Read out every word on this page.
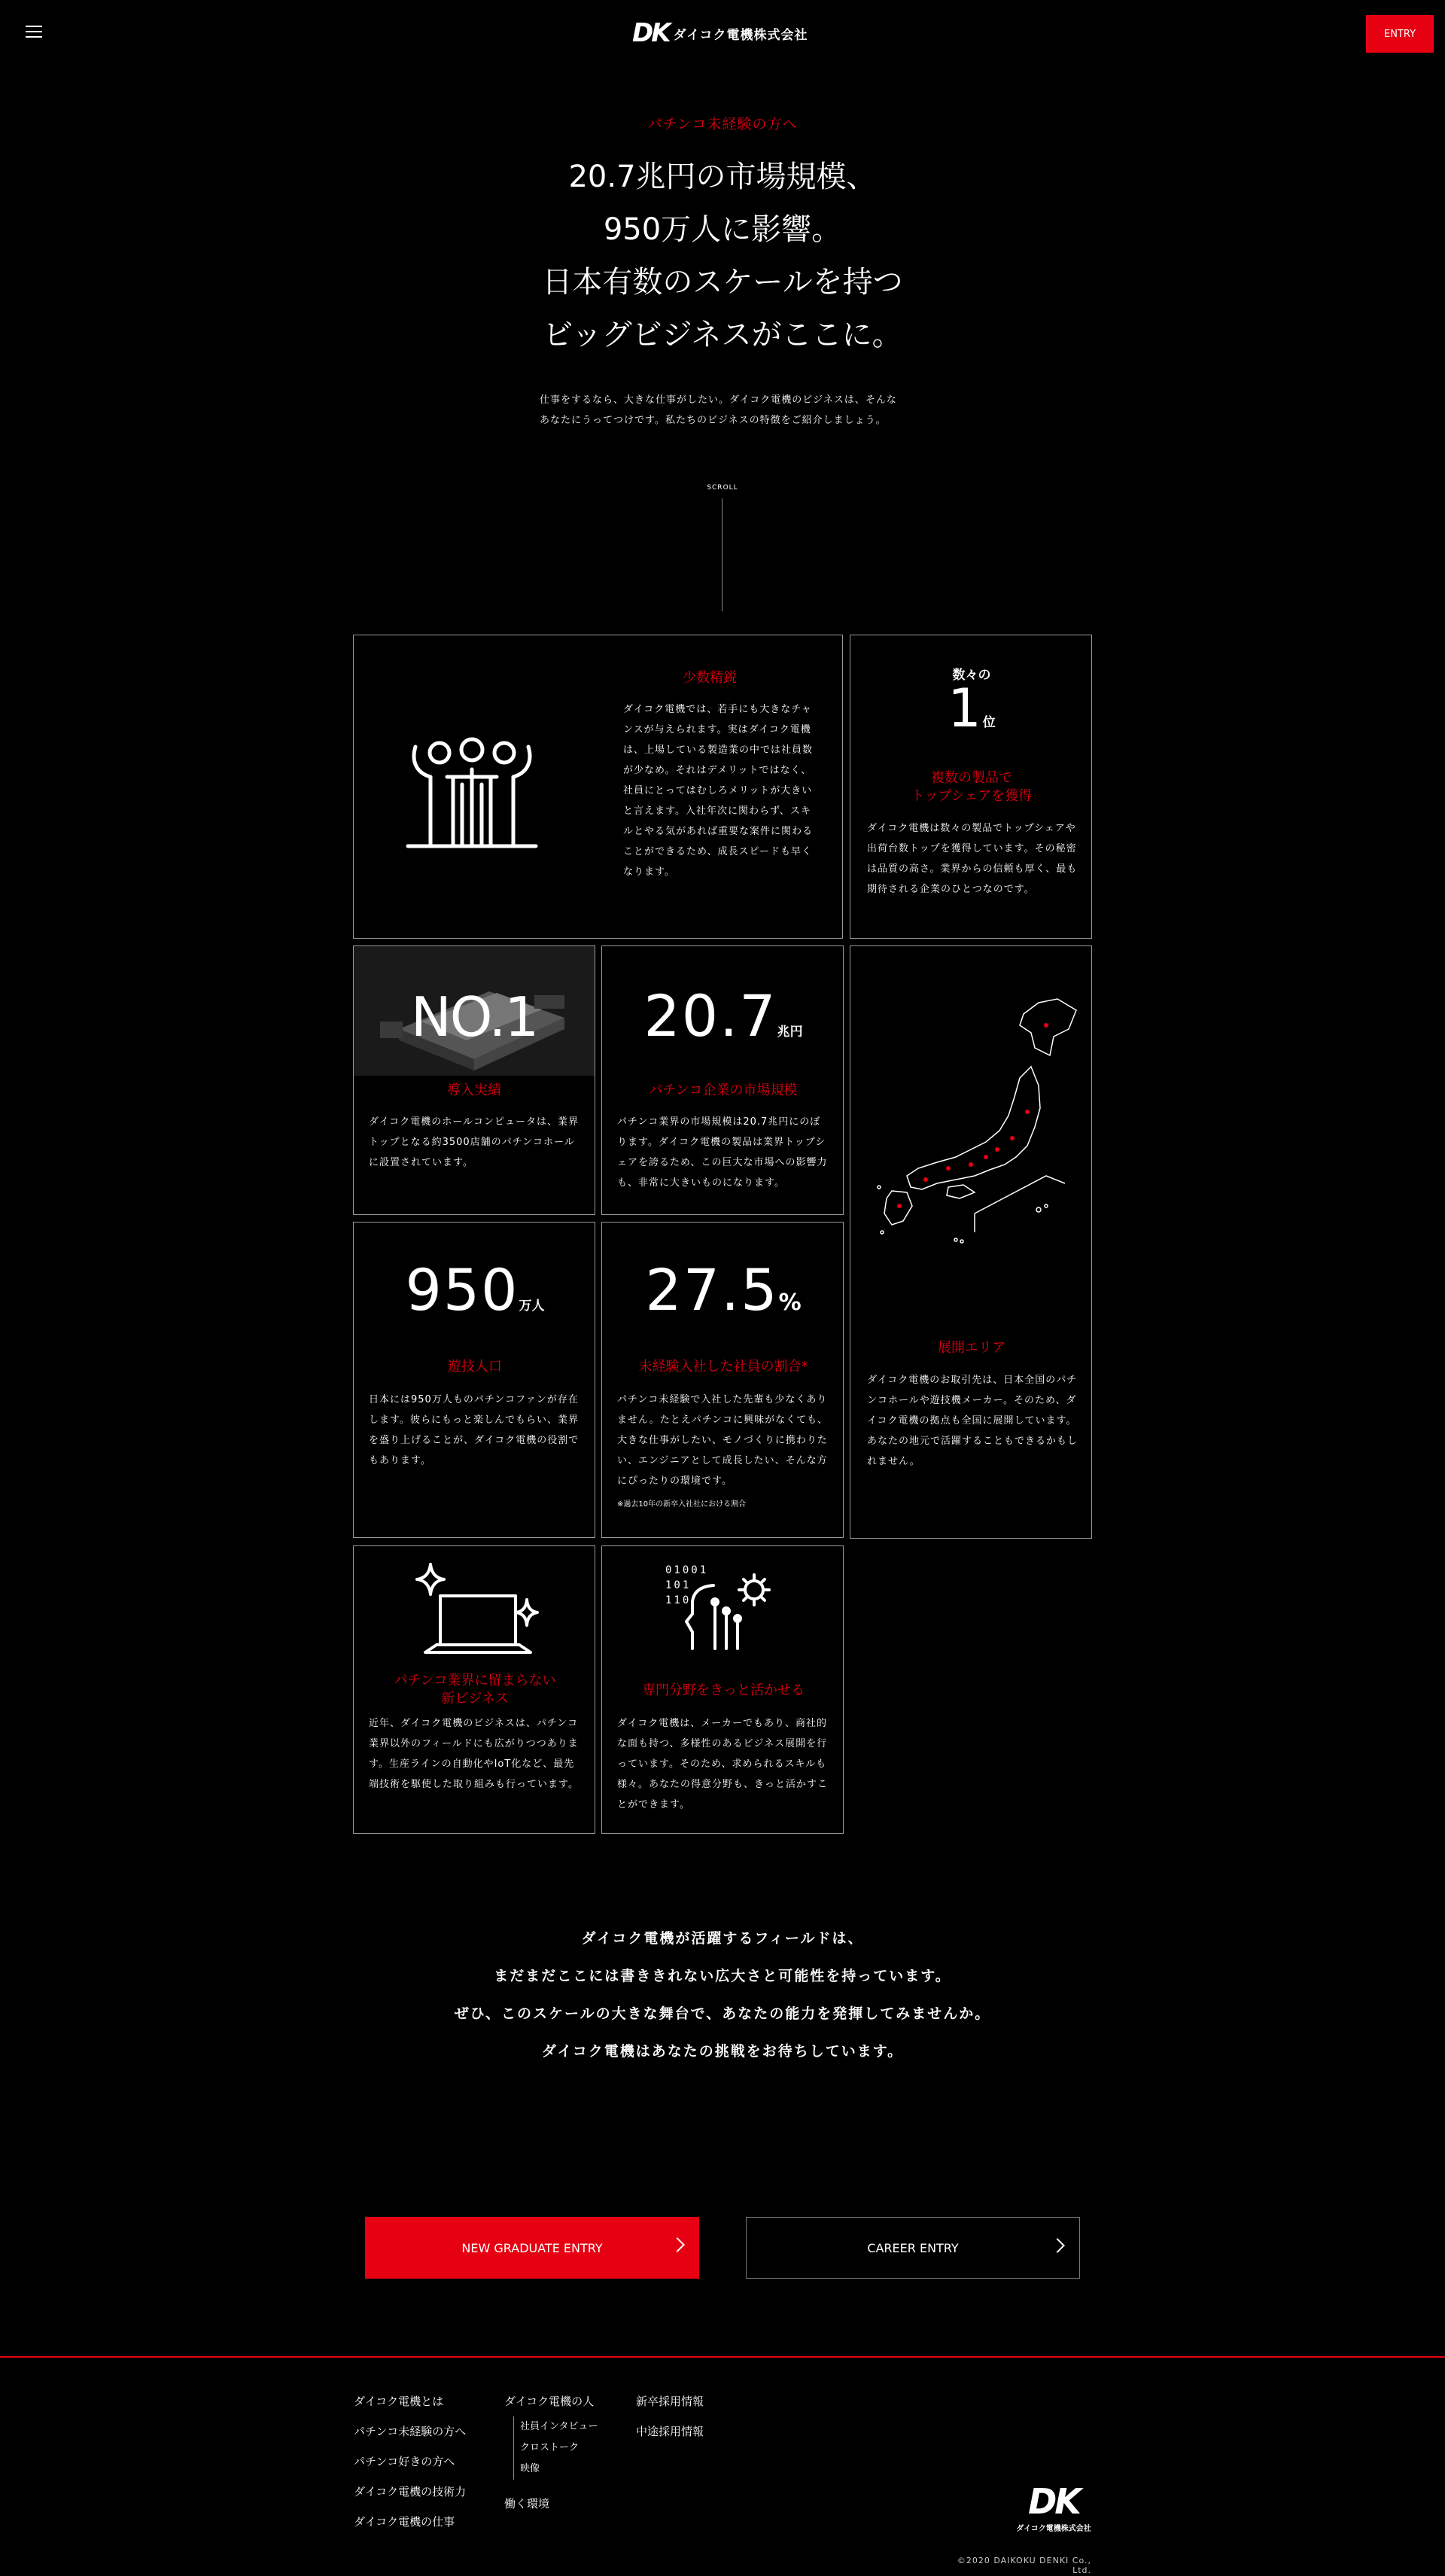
DK ダイコク電機株式会社	ENTRY
パチンコ未経験の方へ
20.7兆円の市場規模、
950万人に影響。
日本有数のスケールを持つ
ビッグビジネスがここに。

仕事をするなら、大きな仕事がしたい。ダイコク電機のビジネスは、そんなあなたにうってつけです。私たちのビジネスの特徴をご紹介しましょう。

SCROLL
少数精鋭

ダイコク電機では、若手にも大きなチャンスが与えられます。実はダイコク電機は、上場している製造業の中では社員数が少なめ。それはデメリットではなく、社員にとってはむしろメリットが大きいと言えます。入社年次に関わらず、スキルとやる気があれば重要な案件に関わることができるため、成長スピードも早くなります。

数々の
1位
複数の製品で
トップシェアを獲得

ダイコク電機は数々の製品でトップシェアや出荷台数トップを獲得しています。その秘密は品質の高さ。業界からの信頼も厚く、最も期待される企業のひとつなのです。

NO.1
導入実績

ダイコク電機のホールコンピュータは、業界トップとなる約3500店舗のパチンコホールに設置されています。

20.7兆円
パチンコ企業の市場規模

パチンコ業界の市場規模は20.7兆円にのぼります。ダイコク電機の製品は業界トップシェアを誇るため、この巨大な市場への影響力も、非常に大きいものになります。

展開エリア

ダイコク電機のお取引先は、日本全国のパチンコホールや遊技機メーカー。そのため、ダイコク電機の拠点も全国に展開しています。あなたの地元で活躍することもできるかもしれません。

950万人
遊技人口

日本には950万人ものパチンコファンが存在します。彼らにもっと楽しんでもらい、業界を盛り上げることが、ダイコク電機の役割でもあります。

27.5%
未経験入社した社員の割合*

パチンコ未経験で入社した先輩も少なくありません。たとえパチンコに興味がなくても、大きな仕事がしたい、モノづくりに携わりたい、エンジニアとして成長したい、そんな方にぴったりの環境です。

※過去10年の新卒入社社における割合
パチンコ業界に留まらない
新ビジネス

近年、ダイコク電機のビジネスは、パチンコ業界以外のフィールドにも広がりつつあります。生産ラインの自動化やIoT化など、最先端技術を駆使した取り組みも行っています。

01001
101
110
専門分野をきっと活かせる

ダイコク電機は、メーカーでもあり、商社的な面も持つ、多様性のあるビジネス展開を行っています。そのため、求められるスキルも様々。あなたの得意分野も、きっと活かすことができます。

ダイコク電機が活躍するフィールドは、
まだまだここには書ききれない広大さと可能性を持っています。
ぜひ、このスケールの大きな舞台で、あなたの能力を発揮してみませんか。
ダイコク電機はあなたの挑戦をお待ちしています。
NEW GRADUATE ENTRY	CAREER ENTRY
ダイコク電機とは
パチンコ未経験の方へ
パチンコ好きの方へ
ダイコク電機の技術力
ダイコク電機の仕事
ダイコク電機の人
社員インタビュー
クロストーク
映像
働く環境
新卒採用情報
中途採用情報
DK
ダイコク電機株式会社
©2020 DAIKOKU DENKI Co., Ltd.
